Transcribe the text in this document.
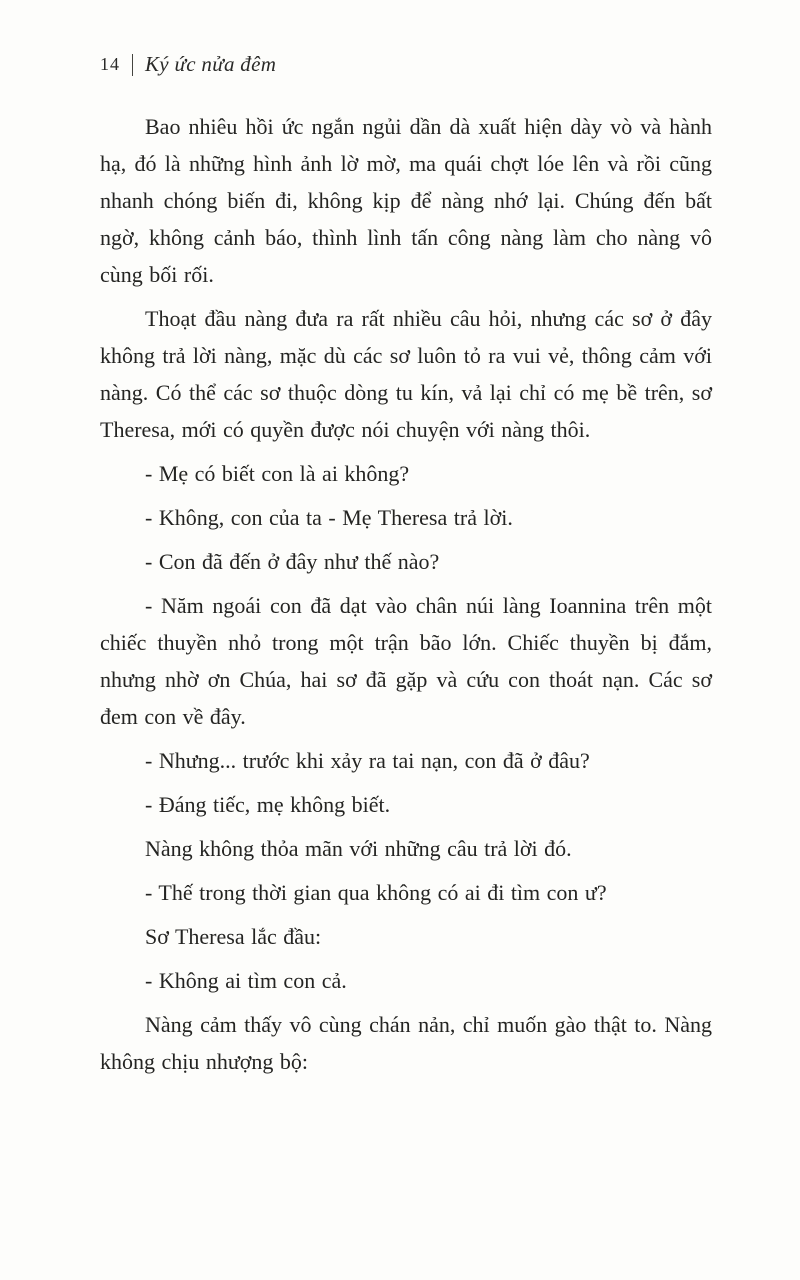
14 Ký ức nửa đêm

Bao nhiêu hồi ức ngắn ngủi dần dà xuất hiện dày vò và hành hạ, đó là những hình ảnh lờ mờ, ma quái chợt lóe lên và rồi cũng nhanh chóng biến đi, không kịp để nàng nhớ lại. Chúng đến bất ngờ, không cảnh báo, thình lình tấn công nàng làm cho nàng vô cùng bối rối.

Thoạt đầu nàng đưa ra rất nhiều câu hỏi, nhưng các sơ ở đây không trả lời nàng, mặc dù các sơ luôn tỏ ra vui vẻ, thông cảm với nàng. Có thể các sơ thuộc dòng tu kín, vả lại chỉ có mẹ bề trên, sơ Theresa, mới có quyền được nói chuyện với nàng thôi.

- Mẹ có biết con là ai không?

- Không, con của ta - Mẹ Theresa trả lời.

- Con đã đến ở đây như thế nào?

- Năm ngoái con đã dạt vào chân núi làng Ioannina trên một chiếc thuyền nhỏ trong một trận bão lớn. Chiếc thuyền bị đắm, nhưng nhờ ơn Chúa, hai sơ đã gặp và cứu con thoát nạn. Các sơ đem con về đây.

- Nhưng... trước khi xảy ra tai nạn, con đã ở đâu?

- Đáng tiếc, mẹ không biết.

Nàng không thỏa mãn với những câu trả lời đó.

- Thế trong thời gian qua không có ai đi tìm con ư?

Sơ Theresa lắc đầu:

- Không ai tìm con cả.

Nàng cảm thấy vô cùng chán nản, chỉ muốn gào thật to. Nàng không chịu nhượng bộ:
